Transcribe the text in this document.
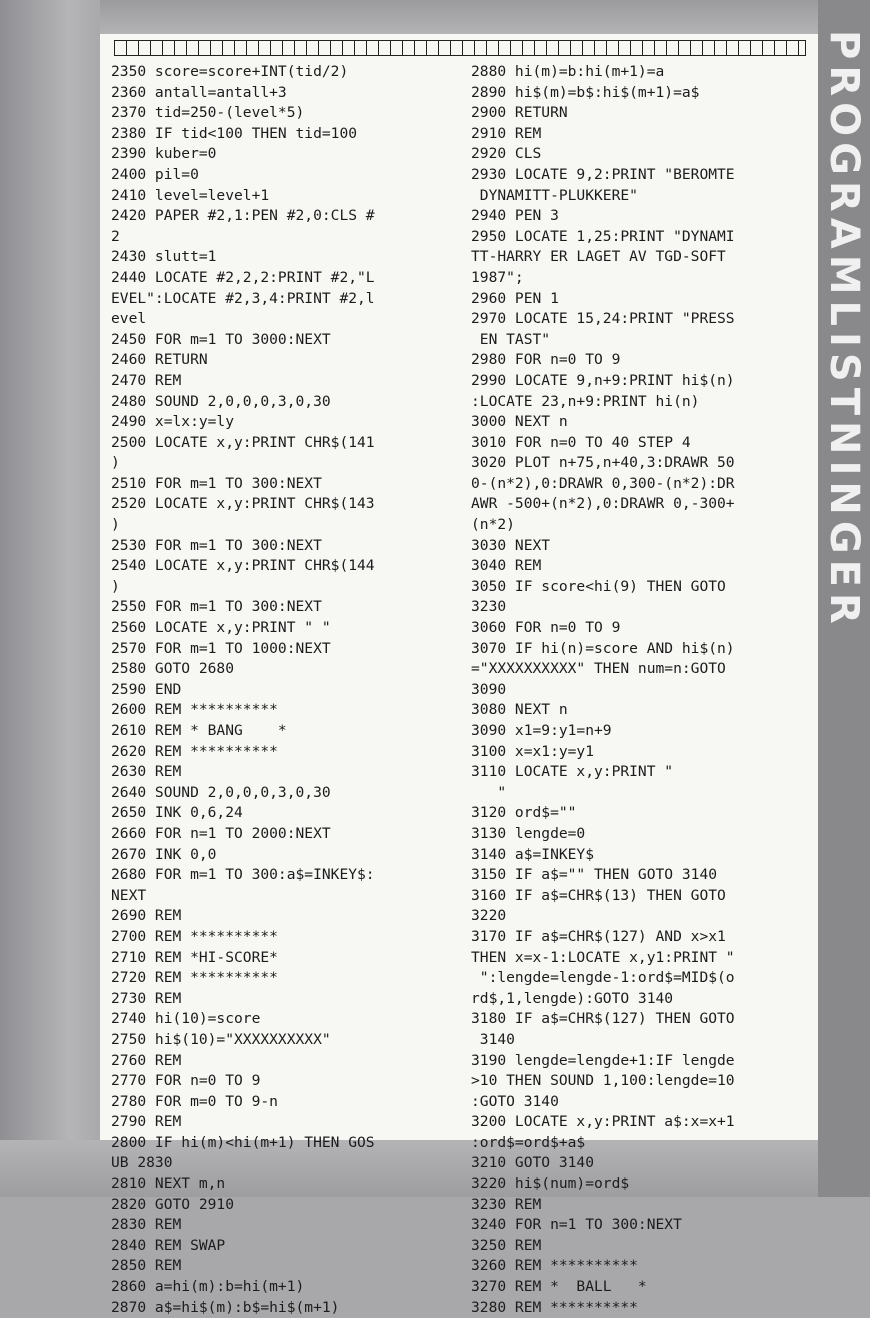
PROGRAMLISTNINGER
2350 score=score+INT(tid/2)
2360 antall=antall+3
2370 tid=250-(level*5)
2380 IF tid<100 THEN tid=100
2390 kuber=0
2400 pil=0
2410 level=level+1
2420 PAPER #2,1:PEN #2,0:CLS #
2
2430 slutt=1
2440 LOCATE #2,2,2:PRINT #2,"L
EVEL":LOCATE #2,3,4:PRINT #2,l
evel
2450 FOR m=1 TO 3000:NEXT
2460 RETURN
2470 REM
2480 SOUND 2,0,0,0,3,0,30
2490 x=lx:y=ly
2500 LOCATE x,y:PRINT CHR$(141
)
2510 FOR m=1 TO 300:NEXT
2520 LOCATE x,y:PRINT CHR$(143
)
2530 FOR m=1 TO 300:NEXT
2540 LOCATE x,y:PRINT CHR$(144
)
2550 FOR m=1 TO 300:NEXT
2560 LOCATE x,y:PRINT " "
2570 FOR m=1 TO 1000:NEXT
2580 GOTO 2680
2590 END
2600 REM **********
2610 REM * BANG    *
2620 REM **********
2630 REM
2640 SOUND 2,0,0,0,3,0,30
2650 INK 0,6,24
2660 FOR n=1 TO 2000:NEXT
2670 INK 0,0
2680 FOR m=1 TO 300:a$=INKEY$:
NEXT
2690 REM
2700 REM **********
2710 REM *HI-SCORE*
2720 REM **********
2730 REM
2740 hi(10)=score
2750 hi$(10)="XXXXXXXXXX"
2760 REM
2770 FOR n=0 TO 9
2780 FOR m=0 TO 9-n
2790 REM
2800 IF hi(m)<hi(m+1) THEN GOS
UB 2830
2810 NEXT m,n
2820 GOTO 2910
2830 REM
2840 REM SWAP
2850 REM
2860 a=hi(m):b=hi(m+1)
2870 a$=hi$(m):b$=hi$(m+1)
2880 hi(m)=b:hi(m+1)=a
2890 hi$(m)=b$:hi$(m+1)=a$
2900 RETURN
2910 REM
2920 CLS
2930 LOCATE 9,2:PRINT "BEROMTE
DYNAMITT-PLUKKERE"
2940 PEN 3
2950 LOCATE 1,25:PRINT "DYNAMI
TT-HARRY ER LAGET AV TGD-SOFT
1987";
2960 PEN 1
2970 LOCATE 15,24:PRINT "PRESS
EN TAST"
2980 FOR n=0 TO 9
2990 LOCATE 9,n+9:PRINT hi$(n)
:LOCATE 23,n+9:PRINT hi(n)
3000 NEXT n
3010 FOR n=0 TO 40 STEP 4
3020 PLOT n+75,n+40,3:DRAWR 50
0-(n*2),0:DRAWR 0,300-(n*2):DR
AWR -500+(n*2),0:DRAWR 0,-300+
(n*2)
3030 NEXT
3040 REM
3050 IF score<hi(9) THEN GOTO
3230
3060 FOR n=0 TO 9
3070 IF hi(n)=score AND hi$(n)
="XXXXXXXXXX" THEN num=n:GOTO
3090
3080 NEXT n
3090 x1=9:y1=n+9
3100 x=x1:y=y1
3110 LOCATE x,y:PRINT "
"
3120 ord$=""
3130 lengde=0
3140 a$=INKEY$
3150 IF a$="" THEN GOTO 3140
3160 IF a$=CHR$(13) THEN GOTO
3220
3170 IF a$=CHR$(127) AND x>x1
THEN x=x-1:LOCATE x,y1:PRINT "
":lengde=lengde-1:ord$=MID$(o
rd$,1,lengde):GOTO 3140
3180 IF a$=CHR$(127) THEN GOTO
3140
3190 lengde=lengde+1:IF lengde
>10 THEN SOUND 1,100:lengde=10
:GOTO 3140
3200 LOCATE x,y:PRINT a$:x=x+1
:ord$=ord$+a$
3210 GOTO 3140
3220 hi$(num)=ord$
3230 REM
3240 FOR n=1 TO 300:NEXT
3250 REM
3260 REM **********
3270 REM *  BALL   *
3280 REM **********
